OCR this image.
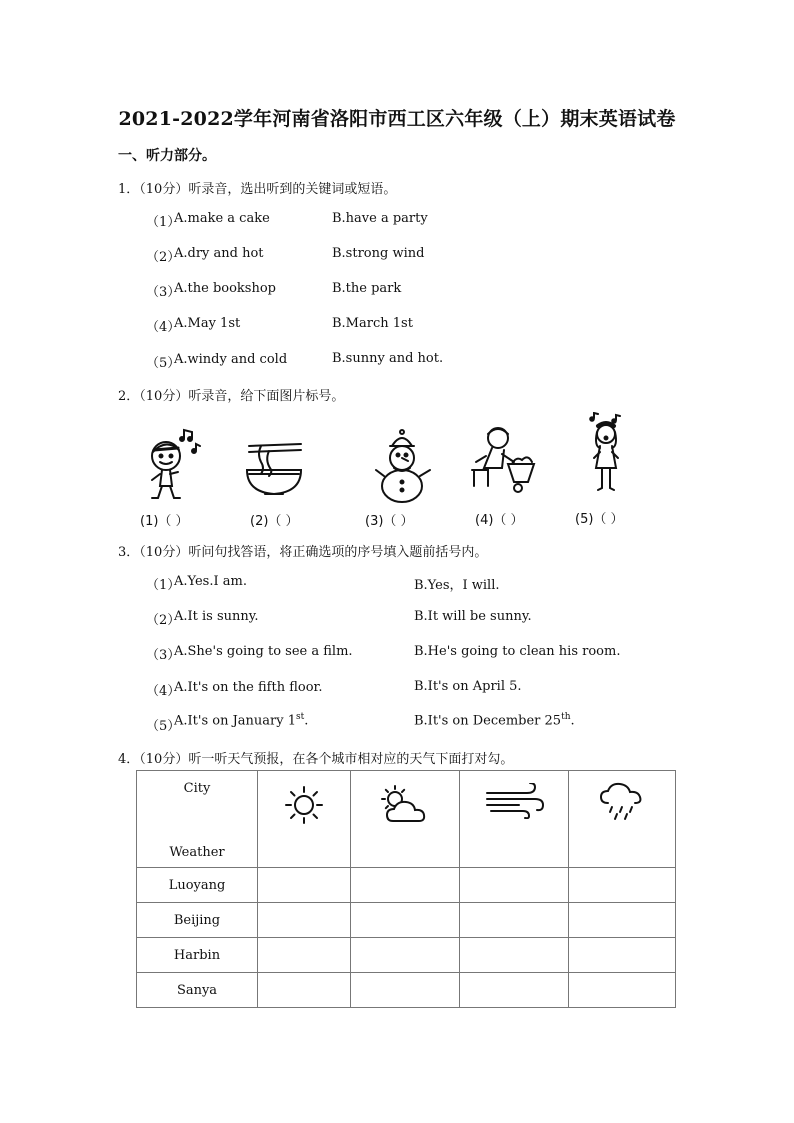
2021-2022学年河南省洛阳市西工区六年级（上）期末英语试卷
一、听力部分。
1．（10分）听录音，选出听到的关键词或短语。
（1）
A.make a cake	B.have a party
（2）
A.dry and hot	B.strong wind
（3）
A.the bookshop	B.the park
（4）
A.May 1st	B.March 1st
（5）
A.windy and cold	B.sunny and hot.
2．（10分）听录音，给下面图片标号。
(1)（ ）	(2)（ ）	(3)（ ）	(4)（ ）	(5)（ ）
3．（10分）听问句找答语，将正确选项的序号填入题前括号内。
（1）
A.Yes.I am.	B.Yes，I will.
（2）
A.It is sunny.	B.It will be sunny.
（3）
A.She's going to see a film.	B.He's going to clean his room.
（4）
A.It's on the fifth floor.	B.It's on April 5.
（5）
A.It's on January 1st.	B.It's on December 25th.
4．（10分）听一听天气预报，在各个城市相对应的天气下面打对勾。
City
Weather

Luoyang				
Beijing				
Harbin				
Sanya				
